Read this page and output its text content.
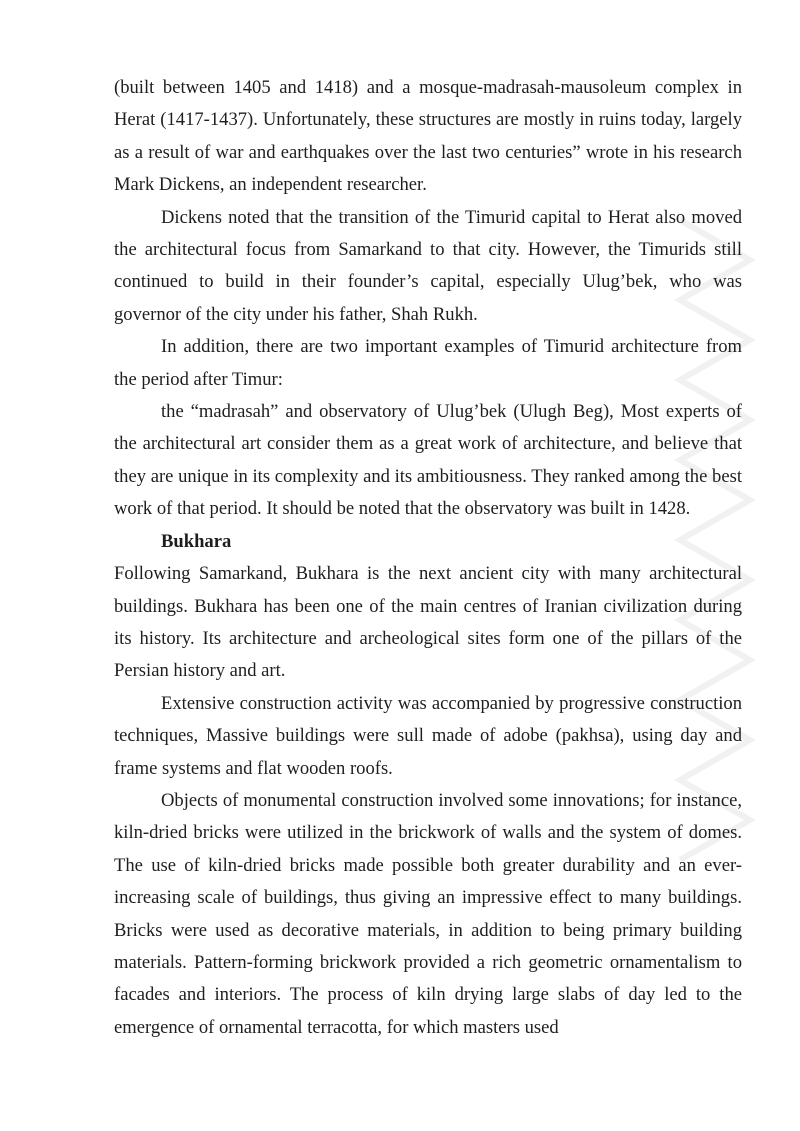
(built between 1405 and 1418) and a mosque-madrasah-mausoleum complex in Herat (1417-1437). Unfortunately, these structures are mostly in ruins today, largely as a result of war and earthquakes over the last two centuries” wrote in his research Mark Dickens, an independent researcher.

Dickens noted that the transition of the Timurid capital to Herat also moved the architectural focus from Samarkand to that city. However, the Timurids still continued to build in their founder’s capital, especially Ulug’bek, who was governor of the city under his father, Shah Rukh.

In addition, there are two important examples of Timurid architecture from the period after Timur:

the “madrasah” and observatory of Ulug’bek (Ulugh Beg), Most experts of the architectural art consider them as a great work of architecture, and believe that they are unique in its complexity and its ambitiousness. They ranked among the best work of that period. It should be noted that the observatory was built in 1428.

Bukhara

Following Samarkand, Bukhara is the next ancient city with many architectural buildings. Bukhara has been one of the main centres of Iranian civilization during its history. Its architecture and archeological sites form one of the pillars of the Persian history and art.

Extensive construction activity was accompanied by progressive construction techniques, Massive buildings were sull made of adobe (pakhsa), using day and frame systems and flat wooden roofs.

Objects of monumental construction involved some innovations; for instance, kiln-dried bricks were utilized in the brickwork of walls and the system of domes. The use of kiln-dried bricks made possible both greater durability and an ever-increasing scale of buildings, thus giving an impressive effect to many buildings. Bricks were used as decorative materials, in addition to being primary building materials. Pattern-forming brickwork provided a rich geometric ornamentalism to facades and interiors. The process of kiln drying large slabs of day led to the emergence of ornamental terracotta, for which masters used
